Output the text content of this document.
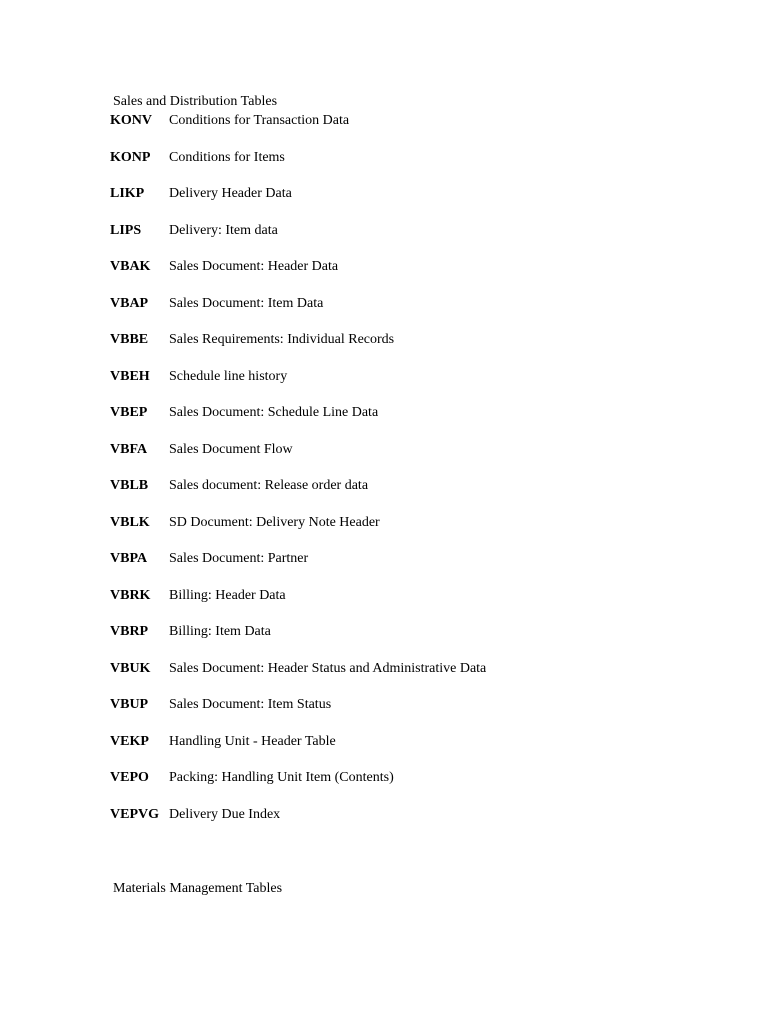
Sales and Distribution Tables
KONV Conditions for Transaction Data
KONP Conditions for Items
LIKP Delivery Header Data
LIPS Delivery: Item data
VBAK Sales Document: Header Data
VBAP Sales Document: Item Data
VBBE Sales Requirements: Individual Records
VBEH Schedule line history
VBEP Sales Document: Schedule Line Data
VBFA Sales Document Flow
VBLB Sales document: Release order data
VBLK SD Document: Delivery Note Header
VBPA Sales Document: Partner
VBRK Billing: Header Data
VBRP Billing: Item Data
VBUK Sales Document: Header Status and Administrative Data
VBUP Sales Document: Item Status
VEKP Handling Unit - Header Table
VEPO Packing: Handling Unit Item (Contents)
VEPVG Delivery Due Index
Materials Management Tables
